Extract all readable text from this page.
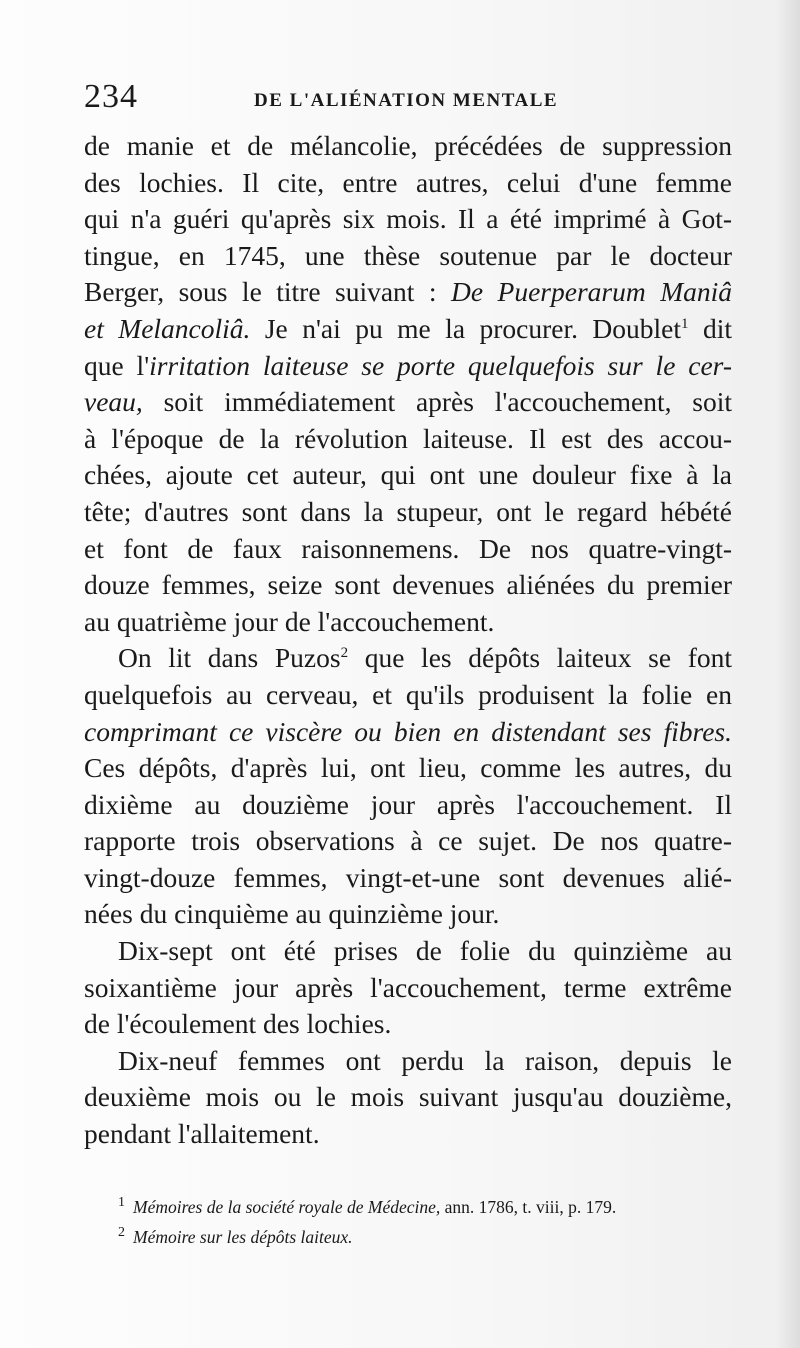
234	DE L'ALIÉNATION MENTALE

de manie et de mélancolie, précédées de suppression
des lochies. Il cite, entre autres, celui d'une femme
qui n'a guéri qu'après six mois. Il a été imprimé à Got-
tingue, en 1745, une thèse soutenue par le docteur
Berger, sous le titre suivant : De Puerperarum Maniâ
et Melancoliâ. Je n'ai pu me la procurer. Doublet$^1$ dit
que l'irritation laiteuse se porte quelquefois sur le cer-
veau, soit immédiatement après l'accouchement, soit
à l'époque de la révolution laiteuse. Il est des accou-
chées, ajoute cet auteur, qui ont une douleur fixe à la
tête; d'autres sont dans la stupeur, ont le regard hébété
et font de faux raisonnemens. De nos quatre-vingt-
douze femmes, seize sont devenues aliénées du premier
au quatrième jour de l'accouchement.

On lit dans Puzos$^2$ que les dépôts laiteux se font
quelquefois au cerveau, et qu'ils produisent la folie en
comprimant ce viscère ou bien en distendant ses fibres.
Ces dépôts, d'après lui, ont lieu, comme les autres, du
dixième au douzième jour après l'accouchement. Il
rapporte trois observations à ce sujet. De nos quatre-
vingt-douze femmes, vingt-et-une sont devenues alié-
nées du cinquième au quinzième jour.

Dix-sept ont été prises de folie du quinzième au
soixantième jour après l'accouchement, terme extrême
de l'écoulement des lochies.

Dix-neuf femmes ont perdu la raison, depuis le
deuxième mois ou le mois suivant jusqu'au douzième,
pendant l'allaitement.

$^1$ Mémoires de la société royale de Médecine, ann. 1786, t. viii, p. 179.
$^2$ Mémoire sur les dépôts laiteux.
